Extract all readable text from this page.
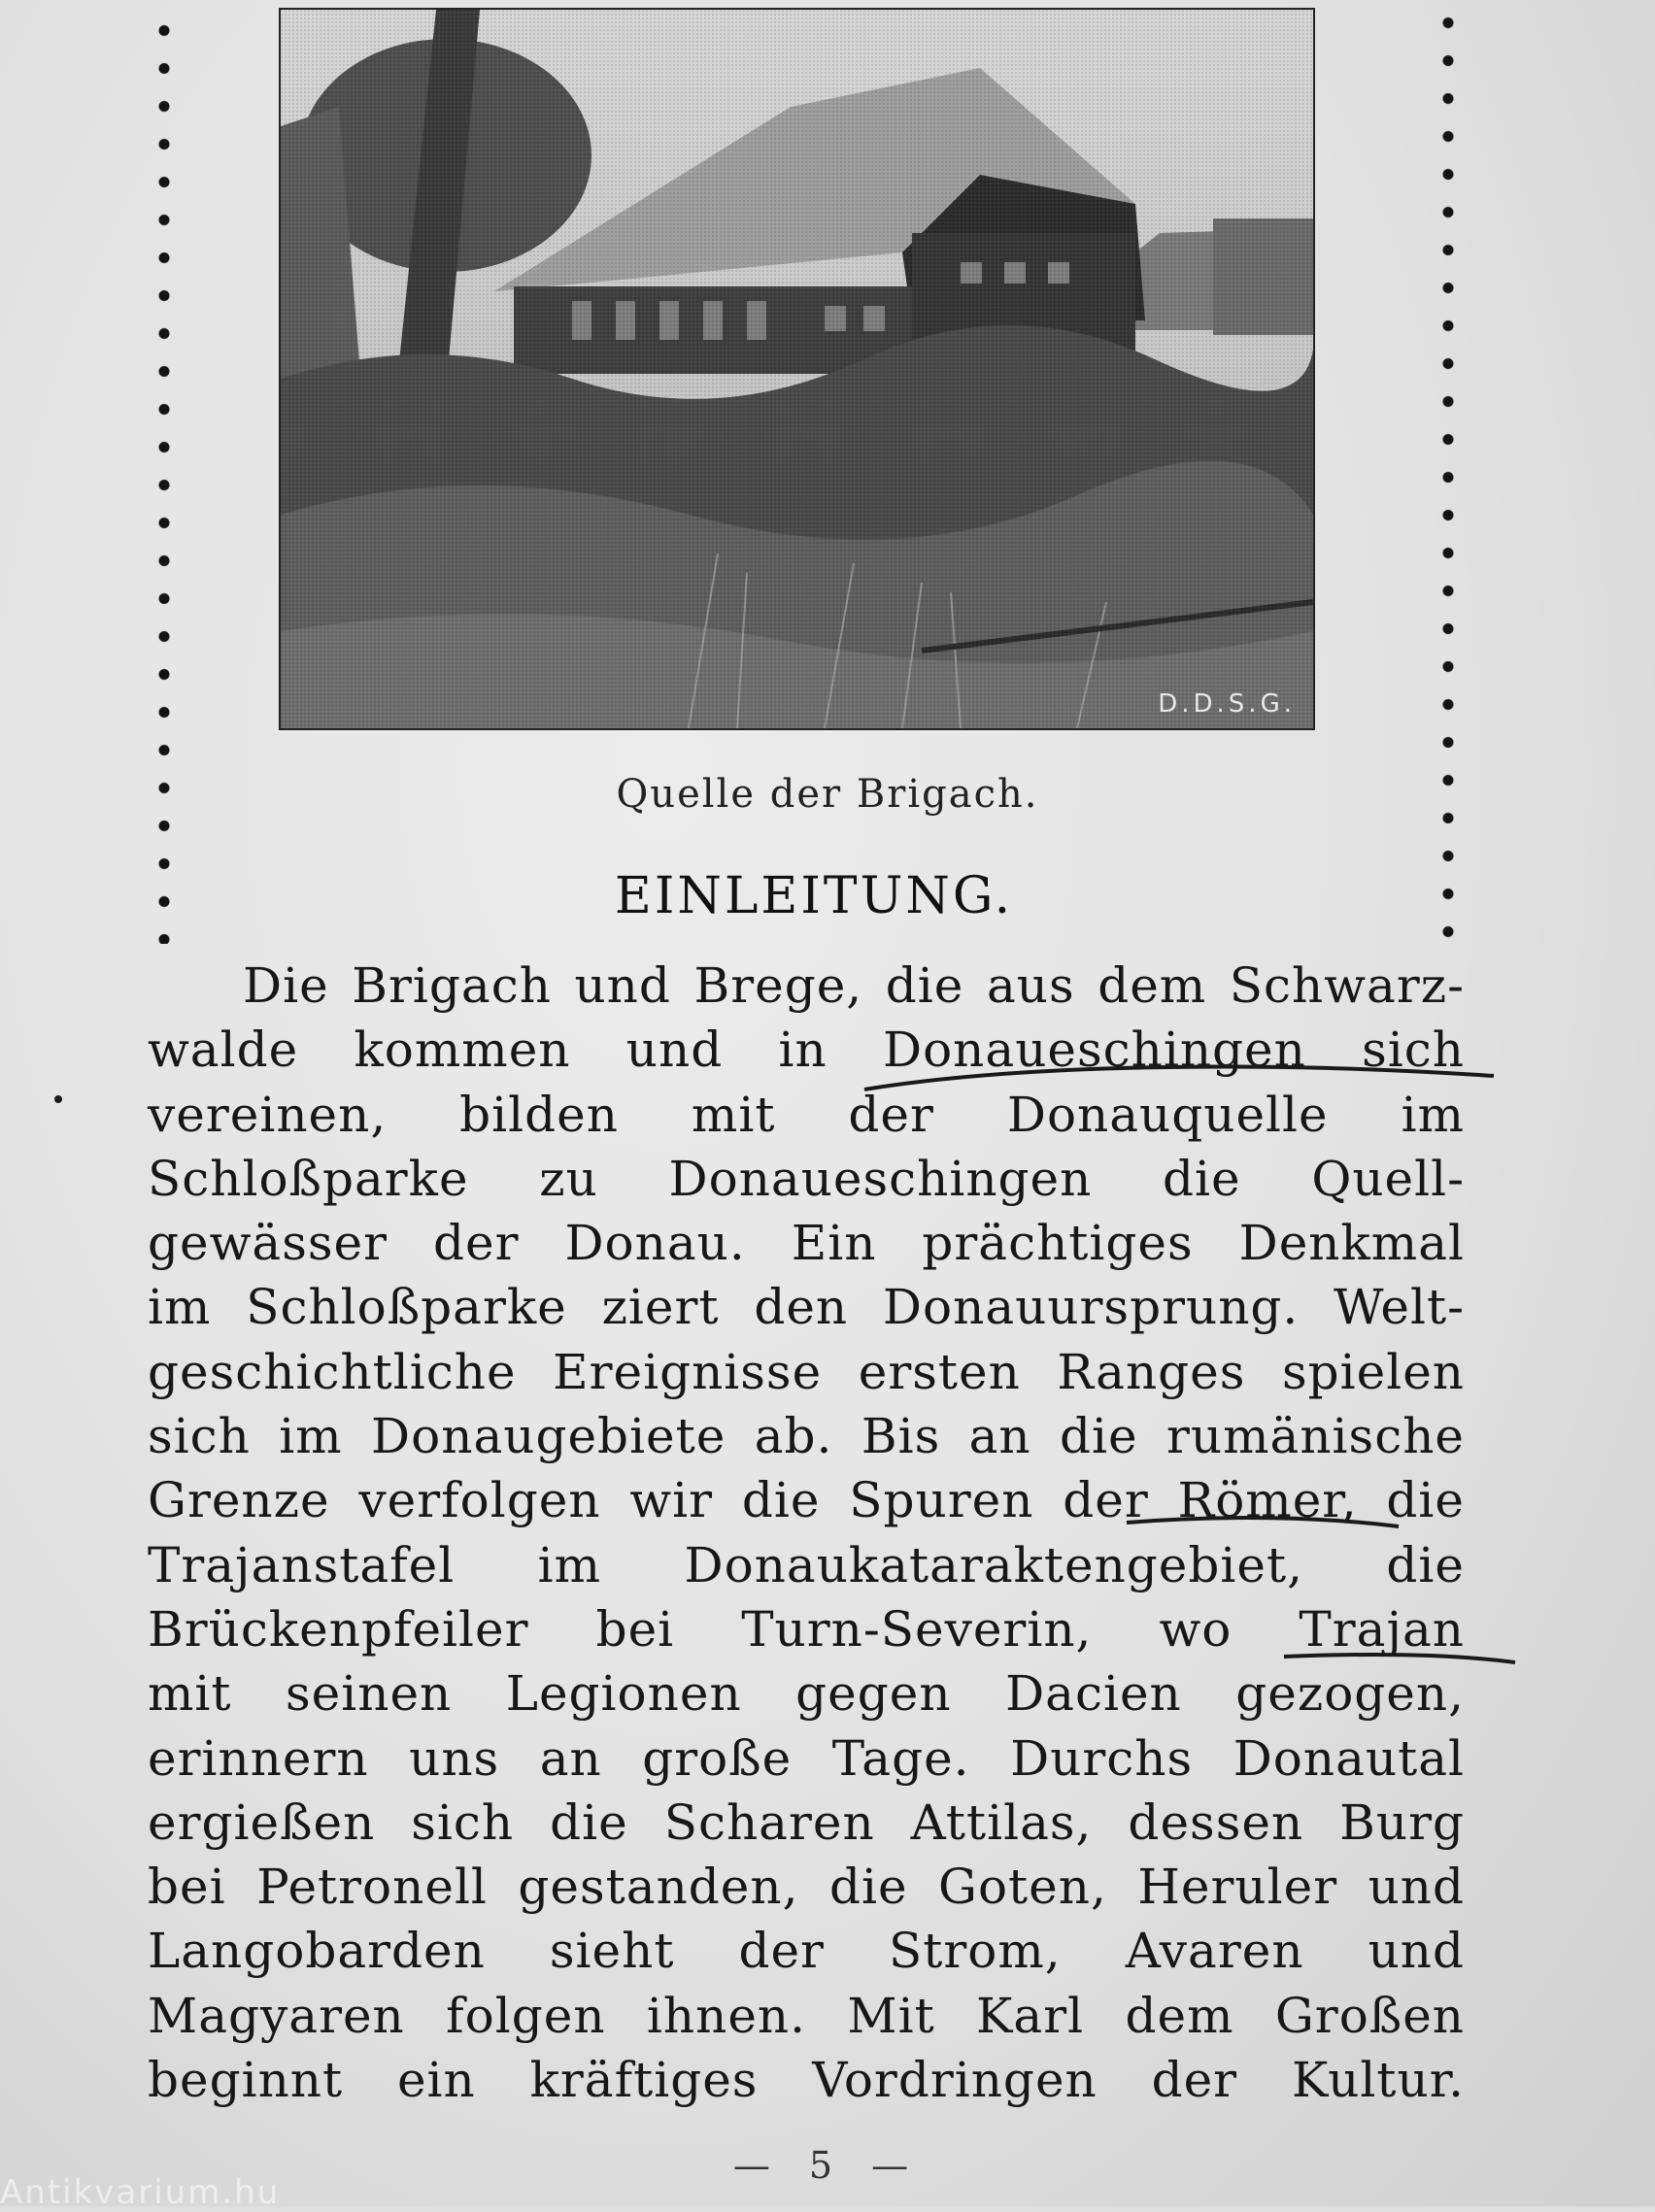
D.D.S.G.
Quelle der Brigach.
EINLEITUNG.
Die Brigach und Brege, die aus dem Schwarz-
walde kommen und in Donaueschingen sich
vereinen, bilden mit der Donauquelle im
Schloßparke zu Donaueschingen die Quell-
gewässer der Donau. Ein prächtiges Denkmal
im Schloßparke ziert den Donauursprung. Welt-
geschichtliche Ereignisse ersten Ranges spielen
sich im Donaugebiete ab. Bis an die rumänische
Grenze verfolgen wir die Spuren der Römer, die
Trajanstafel im Donaukataraktengebiet, die
Brückenpfeiler bei Turn-Severin, wo Trajan
mit seinen Legionen gegen Dacien gezogen,
erinnern uns an große Tage. Durchs Donautal
ergießen sich die Scharen Attilas, dessen Burg
bei Petronell gestanden, die Goten, Heruler und
Langobarden sieht der Strom, Avaren und
Magyaren folgen ihnen. Mit Karl dem Großen
beginnt ein kräftiges Vordringen der Kultur.
— 5 —
Antikvarium.hu
